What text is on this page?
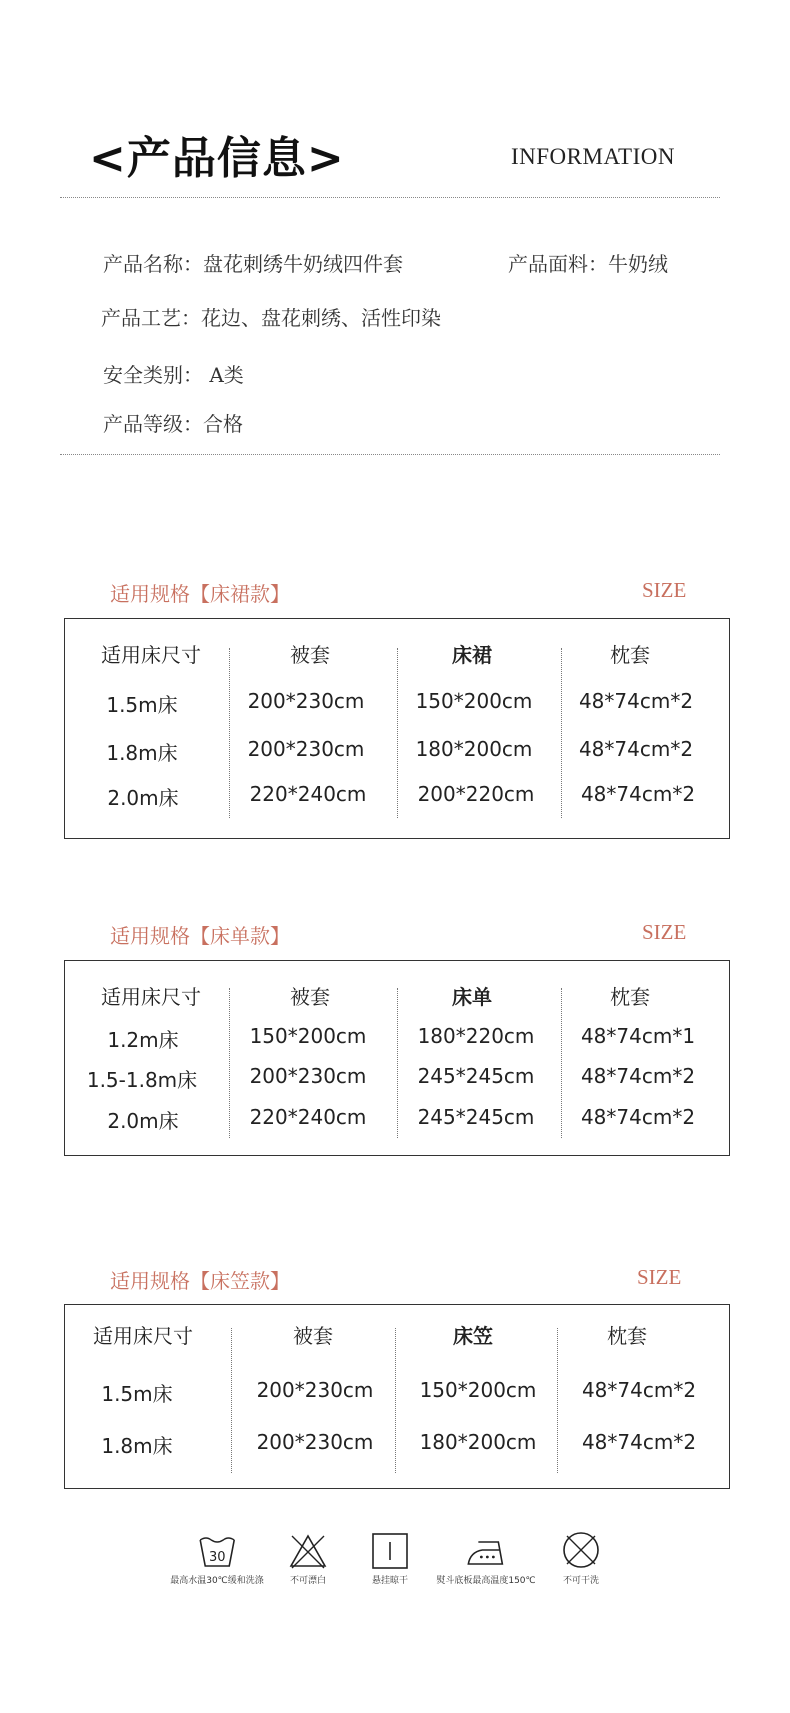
<产品信息>	INFORMATION
产品名称：盘花刺绣牛奶绒四件套	产品面料：牛奶绒
产品工艺：花边、盘花刺绣、活性印染
安全类别： A类
产品等级：合格
适用规格【床裙款】	SIZE
适用床尺寸	被套	床裙	枕套
1.5m床	200*230cm	150*200cm 48*74cm*2
1.8m床	200*230cm	180*200cm 48*74cm*2
2.0m床	220*240cm	200*220cm 48*74cm*2
适用规格【床单款】	SIZE
适用床尺寸	被套	床单	枕套
1.2m床	150*200cm	180*220cm 48*74cm*1
1.5-1.8m床	200*230cm	245*245cm 48*74cm*2
2.0m床	220*240cm	245*245cm 48*74cm*2
适用规格【床笠款】	SIZE
适用床尺寸	被套	床笠	枕套
1.5m床	200*230cm 150*200cm 48*74cm*2
1.8m床	200*230cm 180*200cm 48*74cm*2
30
最高水温30℃缓和洗涤	不可漂白	悬挂晾干	熨斗底板最高温度150℃	不可干洗
